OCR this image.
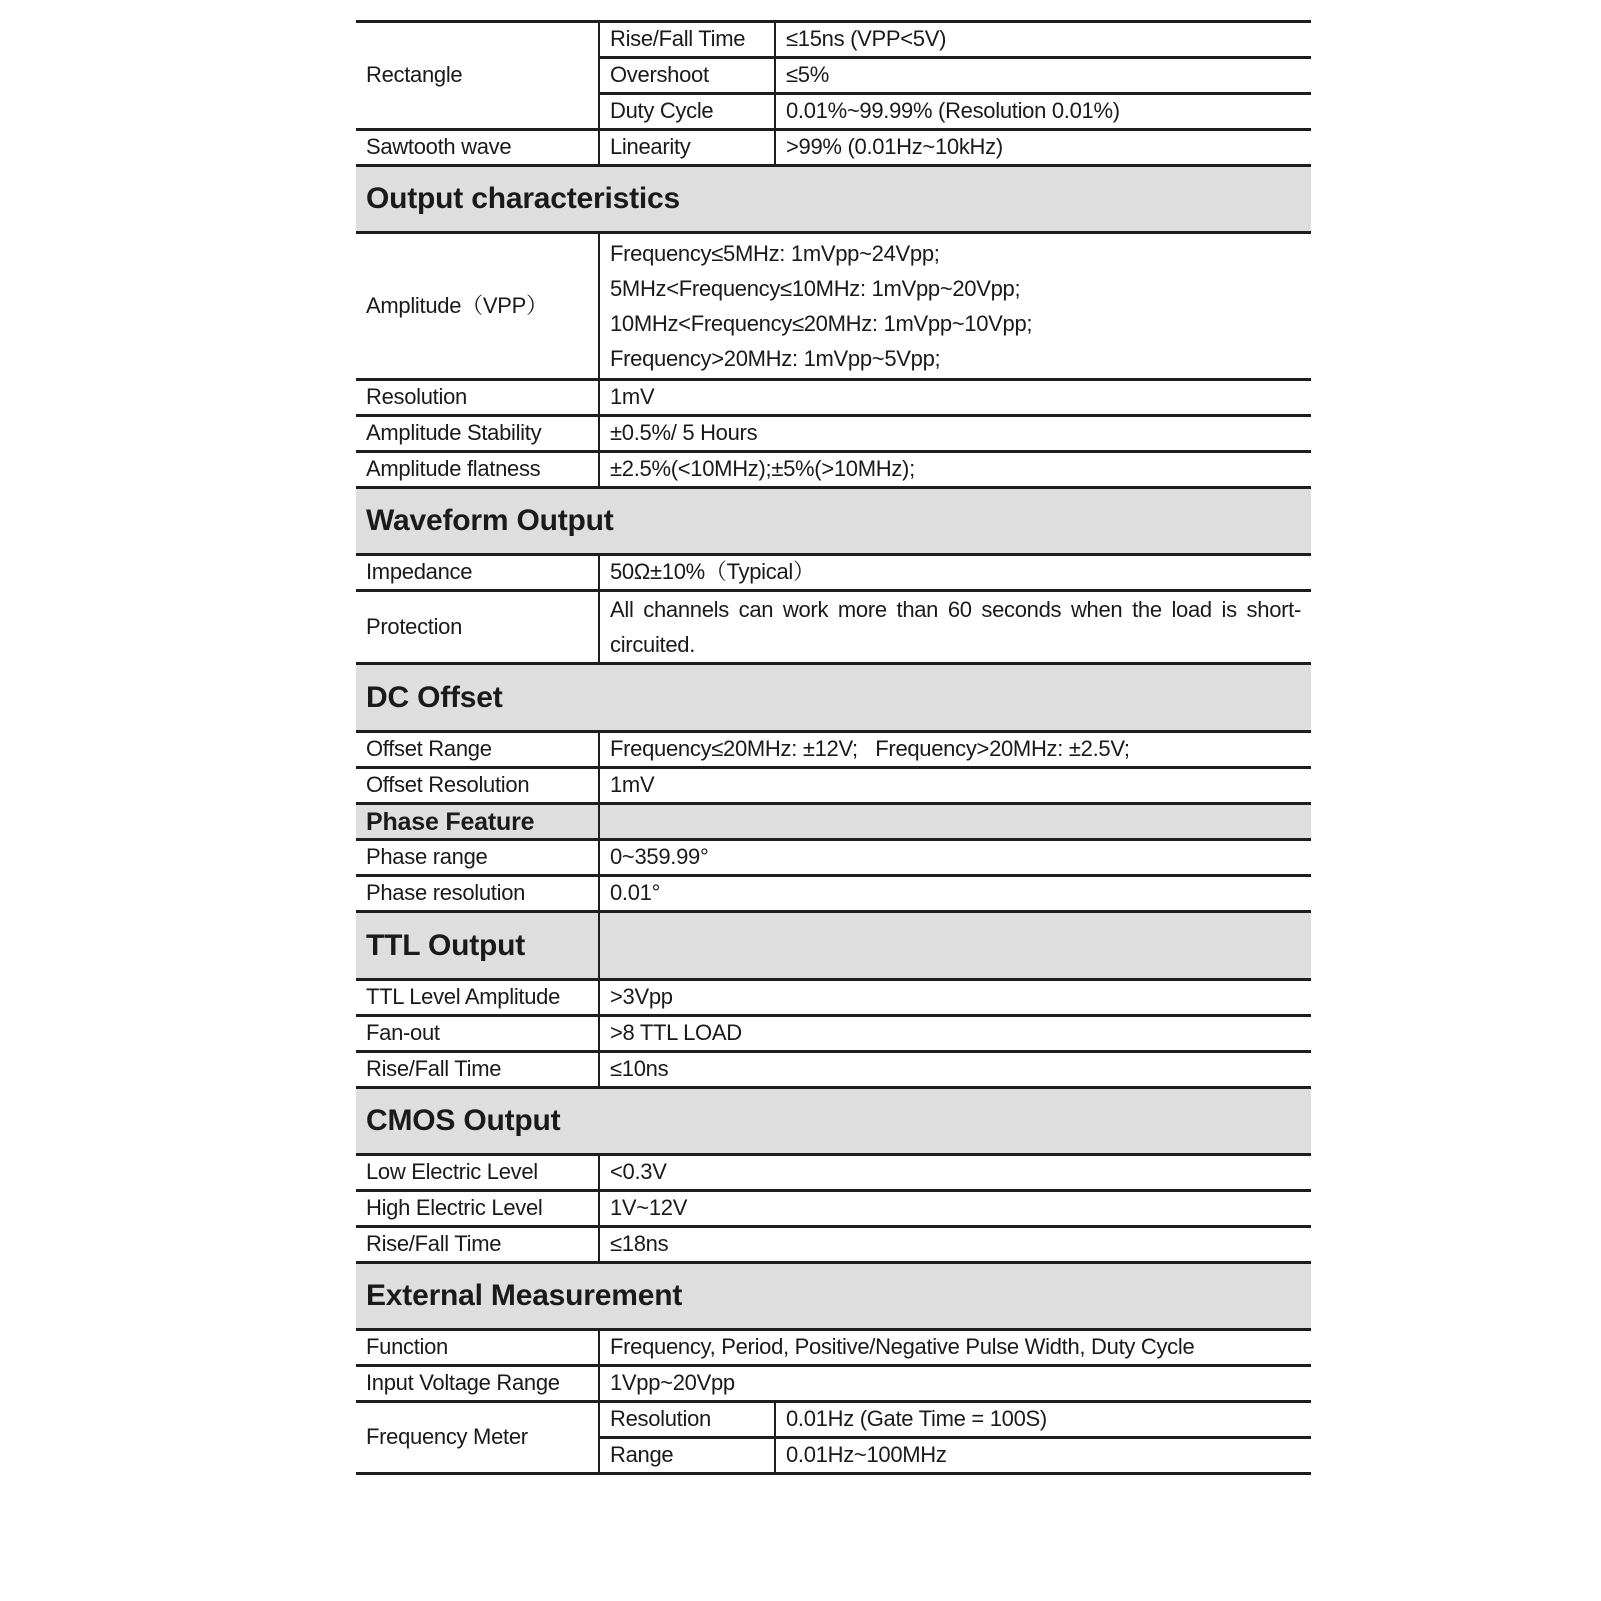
Rectangle	Rise/Fall Time	≤15ns (VPP<5V)
	Overshoot	≤5%
	Duty Cycle	0.01%~99.99% (Resolution 0.01%)
Sawtooth wave	Linearity	>99% (0.01Hz~10kHz)
Output characteristics		
Amplitude（VPP）	Frequency≤5MHz: 1mVpp~24Vpp;
5MHz<Frequency≤10MHz: 1mVpp~20Vpp;
10MHz<Frequency≤20MHz: 1mVpp~10Vpp;
Frequency>20MHz: 1mVpp~5Vpp;	

Resolution	1mV	
Amplitude Stability	±0.5%/ 5 Hours	
Amplitude flatness	±2.5%(<10MHz);±5%(>10MHz);	
Waveform Output		
Impedance	50Ω±10%（Typical）	
Protection	All channels can work more than 60 seconds when the load is short-circuited.	
DC Offset		
Offset Range	Frequency≤20MHz: ±12V;   Frequency>20MHz: ±2.5V;	
Offset Resolution	1mV	
Phase Feature		
Phase range	0~359.99°	
Phase resolution	0.01°	
TTL Output		
TTL Level Amplitude	>3Vpp	
Fan-out	>8 TTL LOAD	
Rise/Fall Time	≤10ns	
CMOS Output		
Low Electric Level	<0.3V	
High Electric Level	1V~12V	
Rise/Fall Time	≤18ns	
External Measurement		
Function	Frequency, Period, Positive/Negative Pulse Width, Duty Cycle	
Input Voltage Range	1Vpp~20Vpp	
Frequency Meter	Resolution	0.01Hz (Gate Time = 100S)
	Range	0.01Hz~100MHz
